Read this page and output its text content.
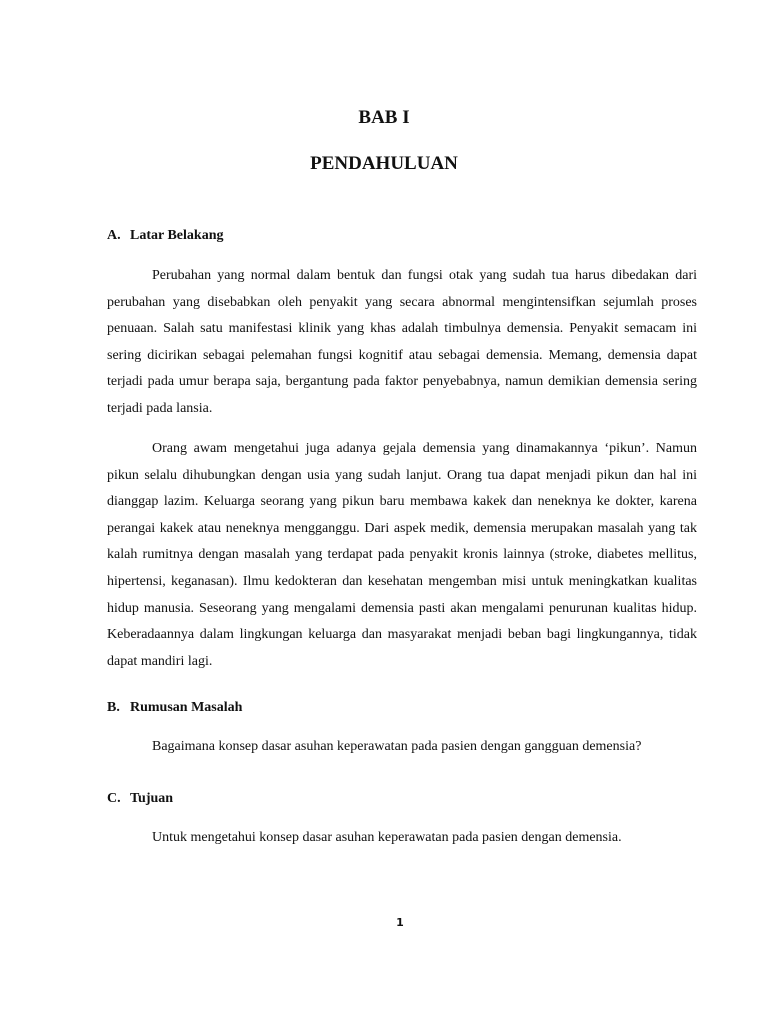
BAB I
PENDAHULUAN
A. Latar Belakang

Perubahan yang normal dalam bentuk dan fungsi otak yang sudah tua harus dibedakan dari perubahan yang disebabkan oleh penyakit yang secara abnormal mengintensifkan sejumlah proses penuaan. Salah satu manifestasi klinik yang khas adalah timbulnya demensia. Penyakit semacam ini sering dicirikan sebagai pelemahan fungsi kognitif atau sebagai demensia. Memang, demensia dapat terjadi pada umur berapa saja, bergantung pada faktor penyebabnya, namun demikian demensia sering terjadi pada lansia.

Orang awam mengetahui juga adanya gejala demensia yang dinamakannya ‘pikun’. Namun pikun selalu dihubungkan dengan usia yang sudah lanjut. Orang tua dapat menjadi pikun dan hal ini dianggap lazim. Keluarga seorang yang pikun baru membawa kakek dan neneknya ke dokter, karena perangai kakek atau neneknya mengganggu. Dari aspek medik, demensia merupakan masalah yang tak kalah rumitnya dengan masalah yang terdapat pada penyakit kronis lainnya (stroke, diabetes mellitus, hipertensi, keganasan). Ilmu kedokteran dan kesehatan mengemban misi untuk meningkatkan kualitas hidup manusia. Seseorang yang mengalami demensia pasti akan mengalami penurunan kualitas hidup. Keberadaannya dalam lingkungan keluarga dan masyarakat menjadi beban bagi lingkungannya, tidak dapat mandiri lagi.

B. Rumusan Masalah

Bagaimana konsep dasar asuhan keperawatan pada pasien dengan gangguan demensia?

C. Tujuan

Untuk mengetahui konsep dasar asuhan keperawatan pada pasien dengan demensia.

1
